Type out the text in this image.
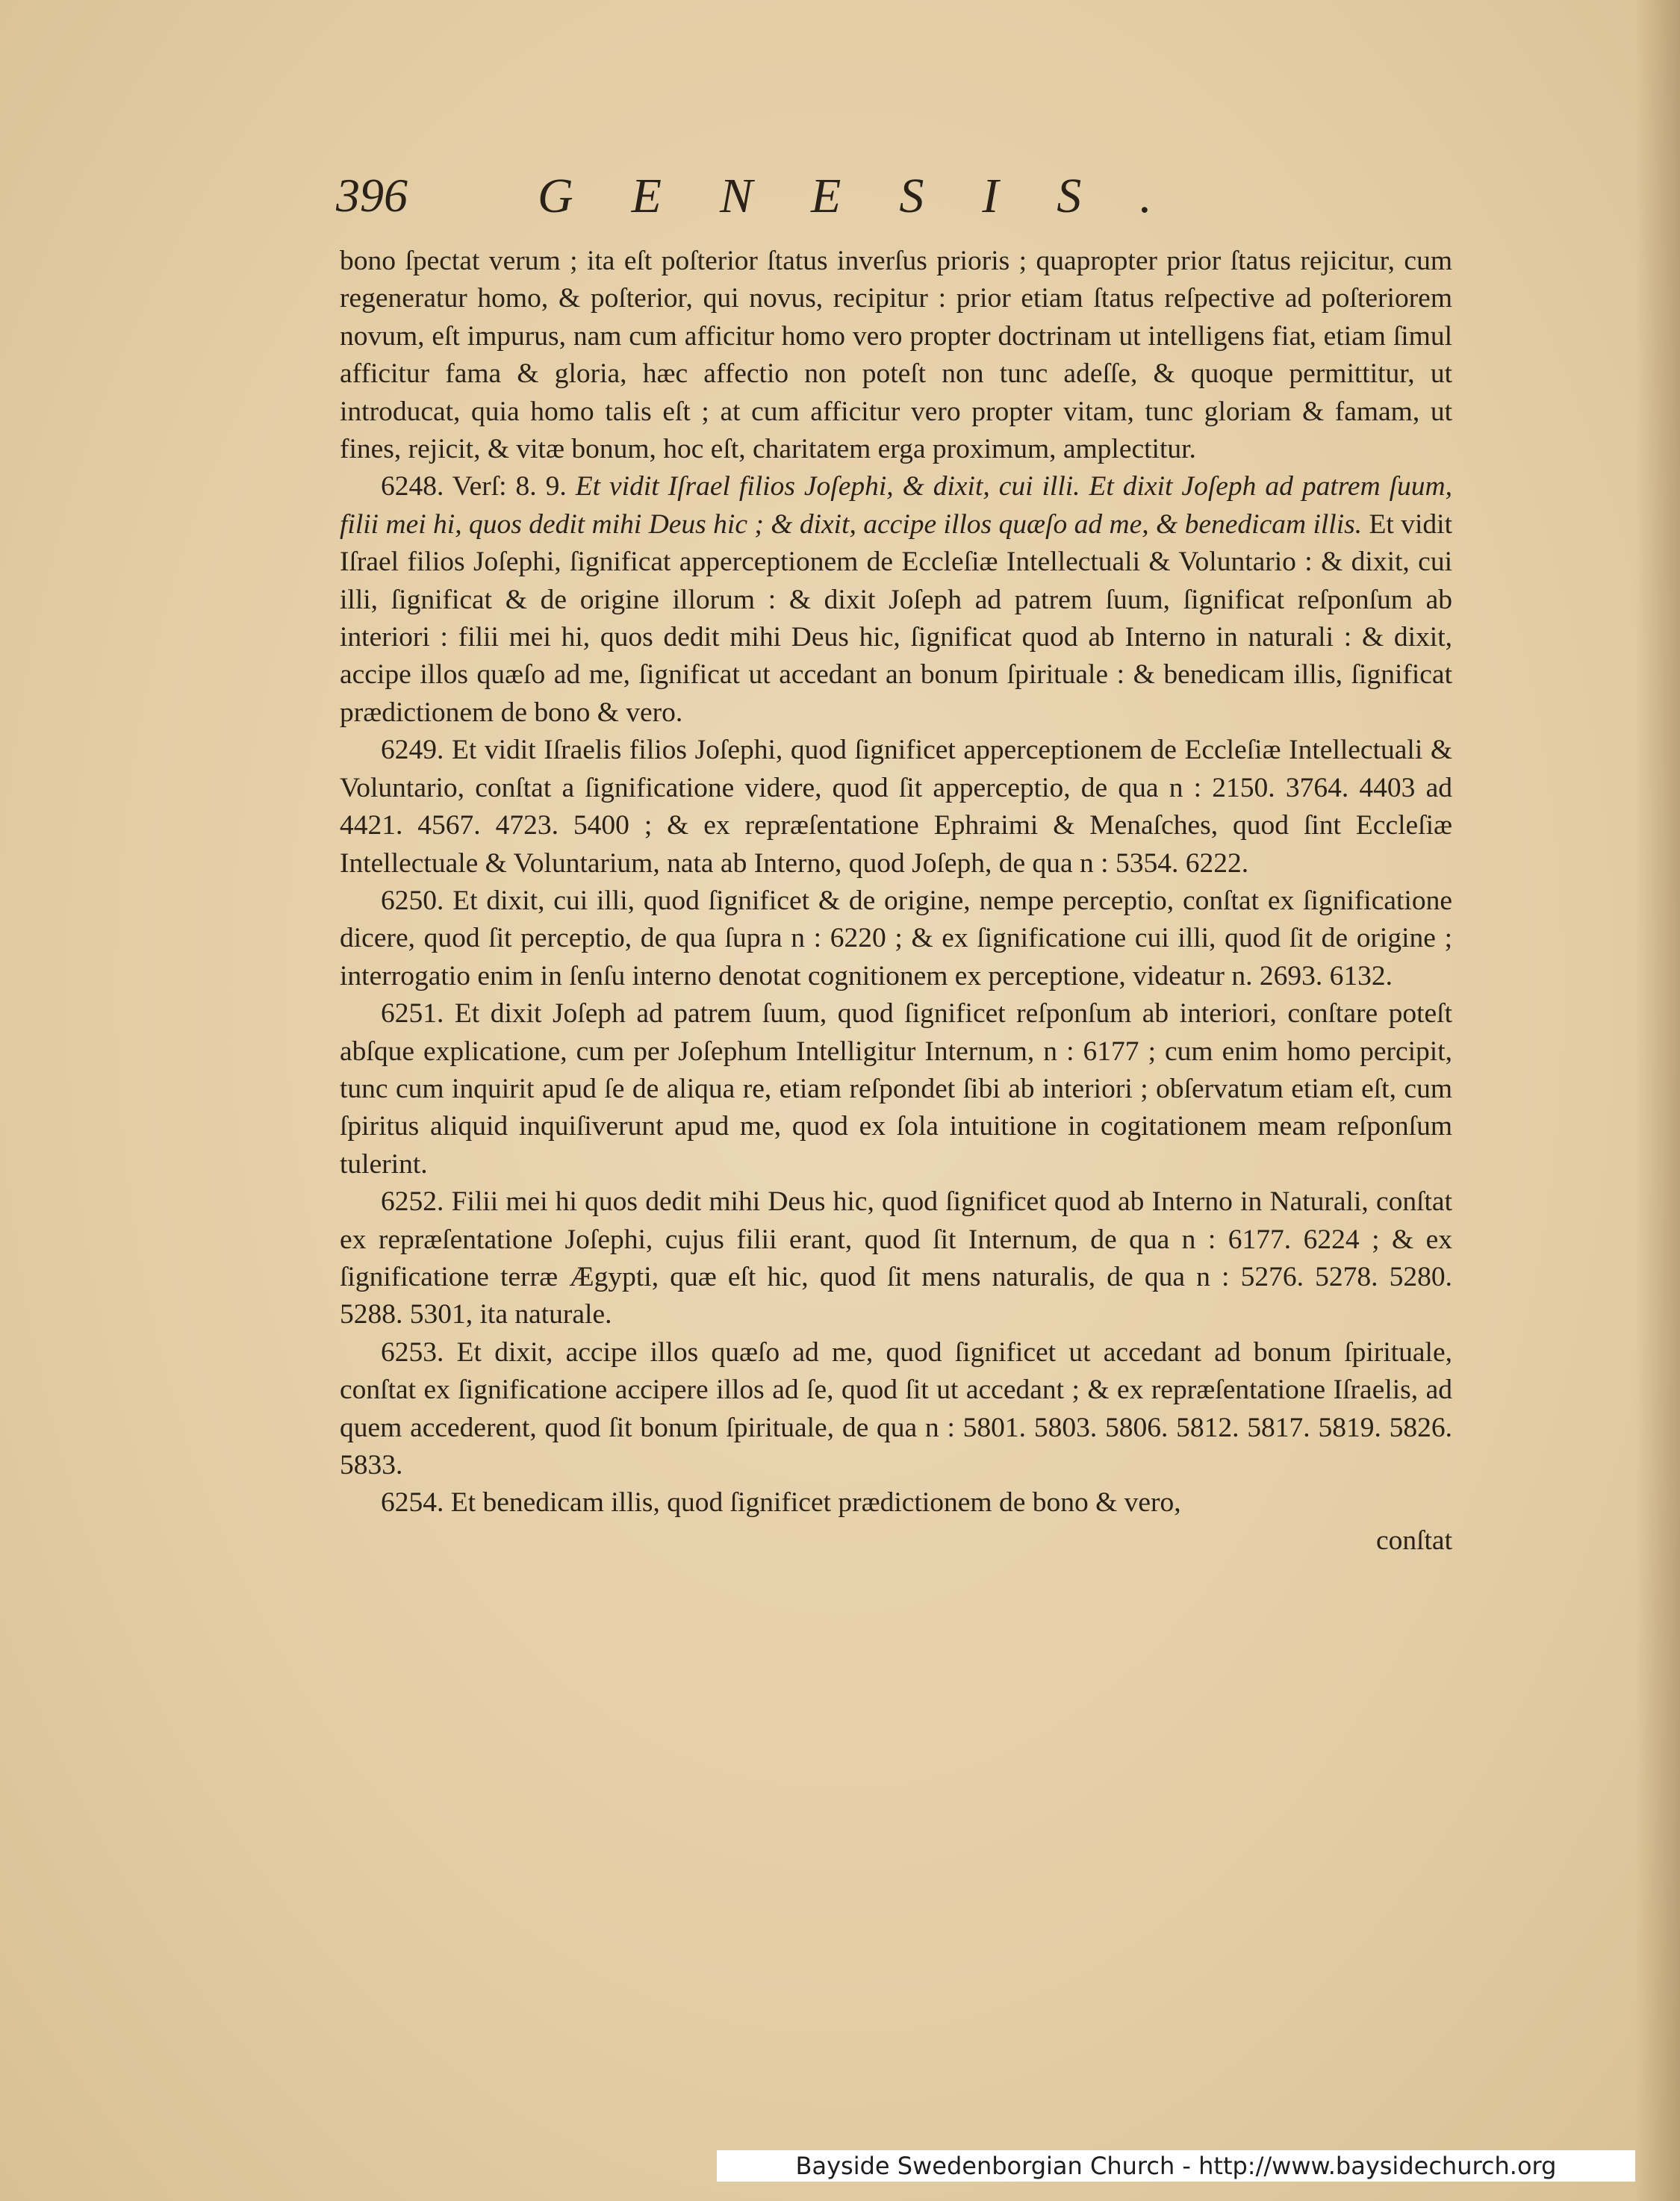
396	GENESIS.

bono ſpectat verum ; ita eſt poſterior ſtatus inverſus prioris ; quapropter prior ſtatus rejicitur, cum regeneratur homo, & poſterior, qui novus, recipitur : prior etiam ſtatus reſpective ad poſteriorem novum, eſt impurus, nam cum afficitur homo vero propter doctrinam ut intelligens fiat, etiam ſimul afficitur fama & gloria, hæc affectio non poteſt non tunc adeſſe, & quoque permittitur, ut introducat, quia homo talis eſt ; at cum afficitur vero propter vitam, tunc gloriam & famam, ut fines, rejicit, & vitæ bonum, hoc eſt, charitatem erga proximum, amplectitur.

6248. Verſ: 8. 9. Et vidit Iſrael filios Joſephi, & dixit, cui illi. Et dixit Joſeph ad patrem ſuum, filii mei hi, quos dedit mihi Deus hic ; & dixit, accipe illos quæſo ad me, & benedicam illis. Et vidit Iſrael filios Joſephi, ſignificat apperceptionem de Eccleſiæ Intellectuali & Voluntario : & dixit, cui illi, ſignificat & de origine illorum : & dixit Joſeph ad patrem ſuum, ſignificat reſponſum ab interiori : filii mei hi, quos dedit mihi Deus hic, ſignificat quod ab Interno in naturali : & dixit, accipe illos quæſo ad me, ſignificat ut accedant an bonum ſpirituale : & benedicam illis, ſignificat prædictionem de bono & vero.

6249. Et vidit Iſraelis filios Joſephi, quod ſignificet apperceptionem de Eccleſiæ Intellectuali & Voluntario, conſtat a ſignificatione videre, quod ſit apperceptio, de qua n : 2150. 3764. 4403 ad 4421. 4567. 4723. 5400 ; & ex repræſentatione Ephraimi & Menaſches, quod ſint Eccleſiæ Intellectuale & Voluntarium, nata ab Interno, quod Joſeph, de qua n : 5354. 6222.

6250. Et dixit, cui illi, quod ſignificet & de origine, nempe perceptio, conſtat ex ſignificatione dicere, quod ſit perceptio, de qua ſupra n : 6220 ; & ex ſignificatione cui illi, quod ſit de origine ; interrogatio enim in ſenſu interno denotat cognitionem ex perceptione, videatur n. 2693. 6132.

6251. Et dixit Joſeph ad patrem ſuum, quod ſignificet reſponſum ab interiori, conſtare poteſt abſque explicatione, cum per Joſephum Intelligitur Internum, n : 6177 ; cum enim homo percipit, tunc cum inquirit apud ſe de aliqua re, etiam reſpondet ſibi ab interiori ; obſervatum etiam eſt, cum ſpiritus aliquid inquiſiverunt apud me, quod ex ſola intuitione in cogitationem meam reſponſum tulerint.

6252. Filii mei hi quos dedit mihi Deus hic, quod ſignificet quod ab Interno in Naturali, conſtat ex repræſentatione Joſephi, cujus filii erant, quod ſit Internum, de qua n : 6177. 6224 ; & ex ſignificatione terræ Ægypti, quæ eſt hic, quod ſit mens naturalis, de qua n : 5276. 5278. 5280. 5288. 5301, ita naturale.

6253. Et dixit, accipe illos quæſo ad me, quod ſignificet ut accedant ad bonum ſpirituale, conſtat ex ſignificatione accipere illos ad ſe, quod ſit ut accedant ; & ex repræſentatione Iſraelis, ad quem accederent, quod ſit bonum ſpirituale, de qua n : 5801. 5803. 5806. 5812. 5817. 5819. 5826. 5833.

6254. Et benedicam illis, quod ſignificet prædictionem de bono & vero,

conſtat

Bayside Swedenborgian Church - http://www.baysidechurch.org
